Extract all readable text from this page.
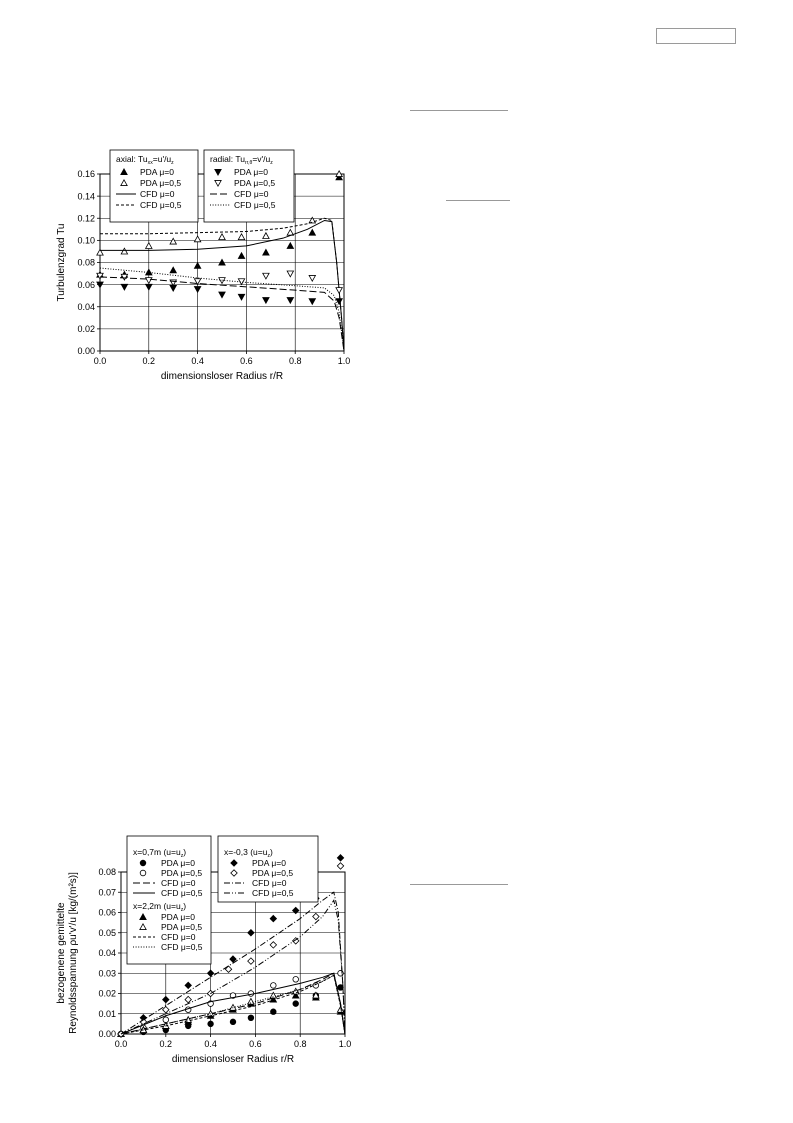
0.0	0.2	0.4	0.6	0.8	1.0
0.00
0.02
0.04
0.06
0.08
0.10
0.12
0.14
0.16
dimensionsloser Radius r/R
Turbulenzgrad Tu
axial: $Tu_{xx}=u'/u_z$
PDA μ=0
PDA μ=0,5
CFD μ=0
CFD μ=0,5
radial: $Tu_{rr,\theta}=v'/u_z$
PDA μ=0
PDA μ=0,5
CFD μ=0
CFD μ=0,5
0.0	0.2	0.4	0.6	0.8	1.0
0.00
0.01
0.02
0.03
0.04
0.05
0.06
0.07
0.08
dimensionsloser Radius r/R
bezogenene gemittelte Reynoldsspannung ρu'v'/u [kg/(m²s)]
x=0,7m $(u=u_z)$
PDA μ=0
PDA μ=0,5
CFD μ=0
CFD μ=0,5
x=2,2m $(u=u_z)$
PDA μ=0
PDA μ=0,5
CFD μ=0
CFD μ=0,5
x=-0,3 $(u=u_z)$
PDA μ=0
PDA μ=0,5
CFD μ=0
CFD μ=0,5
